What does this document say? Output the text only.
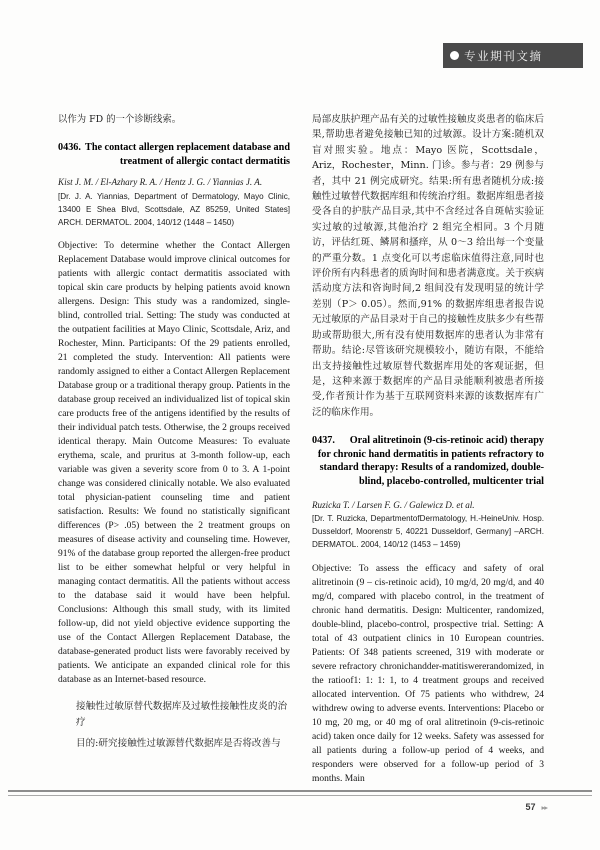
专业期刊文摘

以作为 FD 的一个诊断线索。

0436. The contact allergen replacement database and treatment of allergic contact dermatitis

Kist J. M. / El-Azhary R. A. / Hentz J. G. / Yiannias J. A.

[Dr. J. A. Yiannias, Department of Dermatology, Mayo Clinic, 13400 E Shea Blvd, Scottsdale, AZ 85259, United States] ARCH. DERMATOL. 2004, 140/12 (1448 – 1450)

Objective: To determine whether the Contact Allergen Replacement Database would improve clinical outcomes for patients with allergic contact dermatitis associated with topical skin care products by helping patients avoid known allergens. Design: This study was a randomized, single-blind, controlled trial. Setting: The study was conducted at the outpatient facilities at Mayo Clinic, Scottsdale, Ariz, and Rochester, Minn. Participants: Of the 29 patients enrolled, 21 completed the study. Intervention: All patients were randomly assigned to either a Contact Allergen Replacement Database group or a traditional therapy group. Patients in the database group received an individualized list of topical skin care products free of the antigens identified by the results of their individual patch tests. Otherwise, the 2 groups received identical therapy. Main Outcome Measures: To evaluate erythema, scale, and pruritus at 3-month follow-up, each variable was given a severity score from 0 to 3. A 1-point change was considered clinically notable. We also evaluated total physician-patient counseling time and patient satisfaction. Results: We found no statistically significant differences (P> .05) between the 2 treatment groups on measures of disease activity and counseling time. However, 91% of the database group reported the allergen-free product list to be either somewhat helpful or very helpful in managing contact dermatitis. All the patients without access to the database said it would have been helpful. Conclusions: Although this small study, with its limited follow-up, did not yield objective evidence supporting the use of the Contact Allergen Replacement Database, the database-generated product lists were favorably received by patients. We anticipate an expanded clinical role for this database as an Internet-based resource.

接触性过敏原替代数据库及过敏性接触性皮炎的治疗

目的:研究接触性过敏源替代数据库是否将改善与

局部皮肤护理产品有关的过敏性接触皮炎患者的临床后果,帮助患者避免接触已知的过敏源。设计方案:随机双盲对照实验。地点：Mayo 医院，Scottsdale，Ariz，Rochester，Minn. 门诊。参与者：29 例参与者，其中 21 例完成研究。结果:所有患者随机分成:接触性过敏替代数据库组和传统治疗组。数据库组患者接受各自的护肤产品目录,其中不含经过各自斑帖实验证实过敏的过敏源,其他治疗 2 组完全相同。3 个月随访，评估红斑、鳞屑和搔痒，从 0～3 给出每一个变量的严重分数。1 点变化可以考虑临床值得注意,同时也评价所有内科患者的质询时间和患者满意度。关于疾病活动度方法和咨询时间,2 组间没有发现明显的统计学差别（P＞ 0.05）。然而,91% 的数据库组患者报告说无过敏原的产品目录对于自己的接触性皮肤多少有些帮助或帮助很大,所有没有使用数据库的患者认为非常有帮助。结论:尽管该研究规模较小，随访有限，不能给出支持接触性过敏原替代数据库用处的客观证据，但是，这种来源于数据库的产品目录能顺利被患者所接受,作者预计作为基于互联网资料来源的该数据库有广泛的临床作用。

0437. Oral alitretinoin (9-cis-retinoic acid) therapy for chronic hand dermatitis in patients refractory to standard therapy: Results of a randomized, double-blind, placebo-controlled, multicenter trial

Ruzicka T. / Larsen F. G. / Galewicz D. et al.

[Dr. T. Ruzicka, DepartmentofDermatology, H.-HeineUniv. Hosp. Dusseldorf, Moorenstr 5, 40221 Dusseldorf, Germany] –ARCH. DERMATOL. 2004, 140/12 (1453 – 1459)

Objective: To assess the efficacy and safety of oral alitretinoin (9 – cis-retinoic acid), 10 mg/d, 20 mg/d, and 40 mg/d, compared with placebo control, in the treatment of chronic hand dermatitis. Design: Multicenter, randomized, double-blind, placebo-control, prospective trial. Setting: A total of 43 outpatient clinics in 10 European countries. Patients: Of 348 patients screened, 319 with moderate or severe refractory chronichandder-matitiswererandomized, in the ratioof1: 1: 1: 1, to 4 treatment groups and received allocated intervention. Of 75 patients who withdrew, 24 withdrew owing to adverse events. Interventions: Placebo or 10 mg, 20 mg, or 40 mg of oral alitretinoin (9-cis-retinoic acid) taken once daily for 12 weeks. Safety was assessed for all patients during a follow-up period of 4 weeks, and responders were observed for a follow-up period of 3 months. Main

57 ▸▸
